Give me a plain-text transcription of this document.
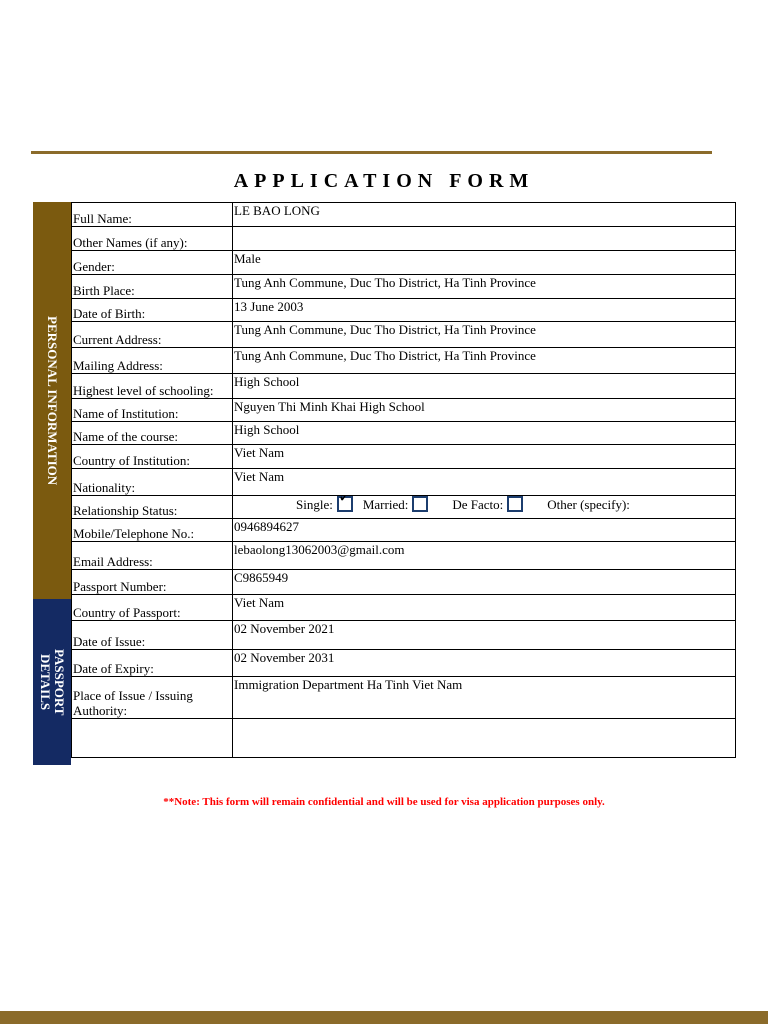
APPLICATION FORM
PERSONAL INFORMATION
PASSPORT
DETAILS
Full Name:	LE BAO LONG
Other Names (if any):	
Gender:	Male
Birth Place:	Tung Anh Commune, Duc Tho District, Ha Tinh Province
Date of Birth:	13 June 2003
Current Address:	Tung Anh Commune, Duc Tho District, Ha Tinh Province
Mailing Address:	Tung Anh Commune, Duc Tho District, Ha Tinh Province
Highest level of schooling:	High School
Name of Institution:	Nguyen Thi Minh Khai High School
Name of the course:	High School
Country of Institution:	Viet Nam
Nationality:	Viet Nam
Relationship Status:	Single: ✓ Married: De Facto: Other (specify):

Mobile/Telephone No.:	0946894627
Email Address:	lebaolong13062003@gmail.com
Passport Number:	C9865949
Country of Passport:	Viet Nam
Date of Issue:	02 November 2021
Date of Expiry:	02 November 2031
Place of Issue / Issuing
Authority:	Immigration Department Ha Tinh Viet Nam

**Note: This form will remain confidential and will be used for visa application purposes only.
